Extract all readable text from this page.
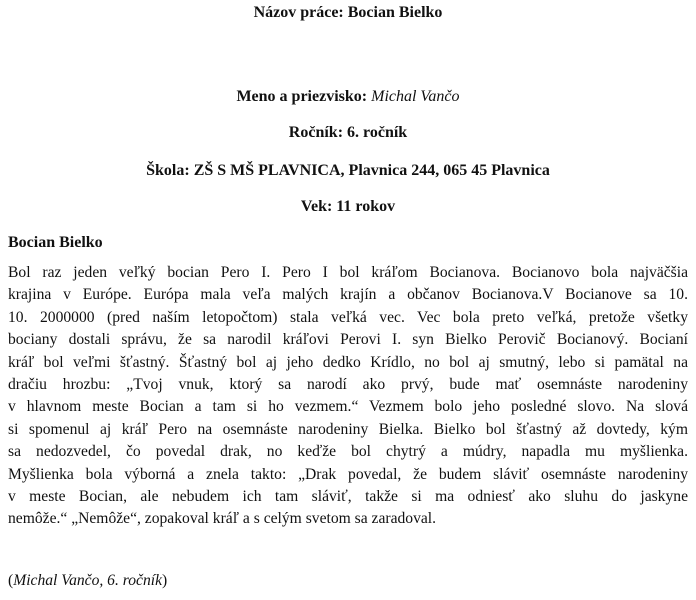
Názov práce: Bocian Bielko
Meno a priezvisko: Michal Vančo
Ročník: 6. ročník
Škola: ZŠ S MŠ PLAVNICA, Plavnica 244, 065 45 Plavnica
Vek: 11 rokov
Bocian Bielko
Bol raz jeden veľký bocian Pero I. Pero I bol kráľom Bocianova. Bocianovo bola najväčšia
krajina v Európe. Európa mala veľa malých krajín a občanov Bocianova.V Bocianove sa 10.
10. 2000000 (pred naším letopočtom) stala veľká vec. Vec bola preto veľká, pretože všetky
bociany dostali správu, že sa narodil kráľovi Perovi I. syn Bielko Perovič Bocianový. Bocianí
kráľ bol veľmi šťastný. Šťastný bol aj jeho dedko Krídlo, no bol aj smutný, lebo si pamätal na
dračiu hrozbu: „Tvoj vnuk, ktorý sa narodí ako prvý, bude mať osemnáste narodeniny
v hlavnom meste Bocian a tam si ho vezmem.“ Vezmem bolo jeho posledné slovo. Na slová
si spomenul aj kráľ Pero na osemnáste narodeniny Bielka. Bielko bol šťastný až dovtedy, kým
sa nedozvedel, čo povedal drak, no keďže bol chytrý a múdry, napadla mu myšlienka.
Myšlienka bola výborná a znela takto: „Drak povedal, že budem sláviť osemnáste narodeniny
v meste Bocian, ale nebudem ich tam sláviť, takže si ma odniesť ako sluhu do jaskyne
nemôže.“ „Nemôže“, zopakoval kráľ a s celým svetom sa zaradoval.
(Michal Vančo, 6. ročník)
